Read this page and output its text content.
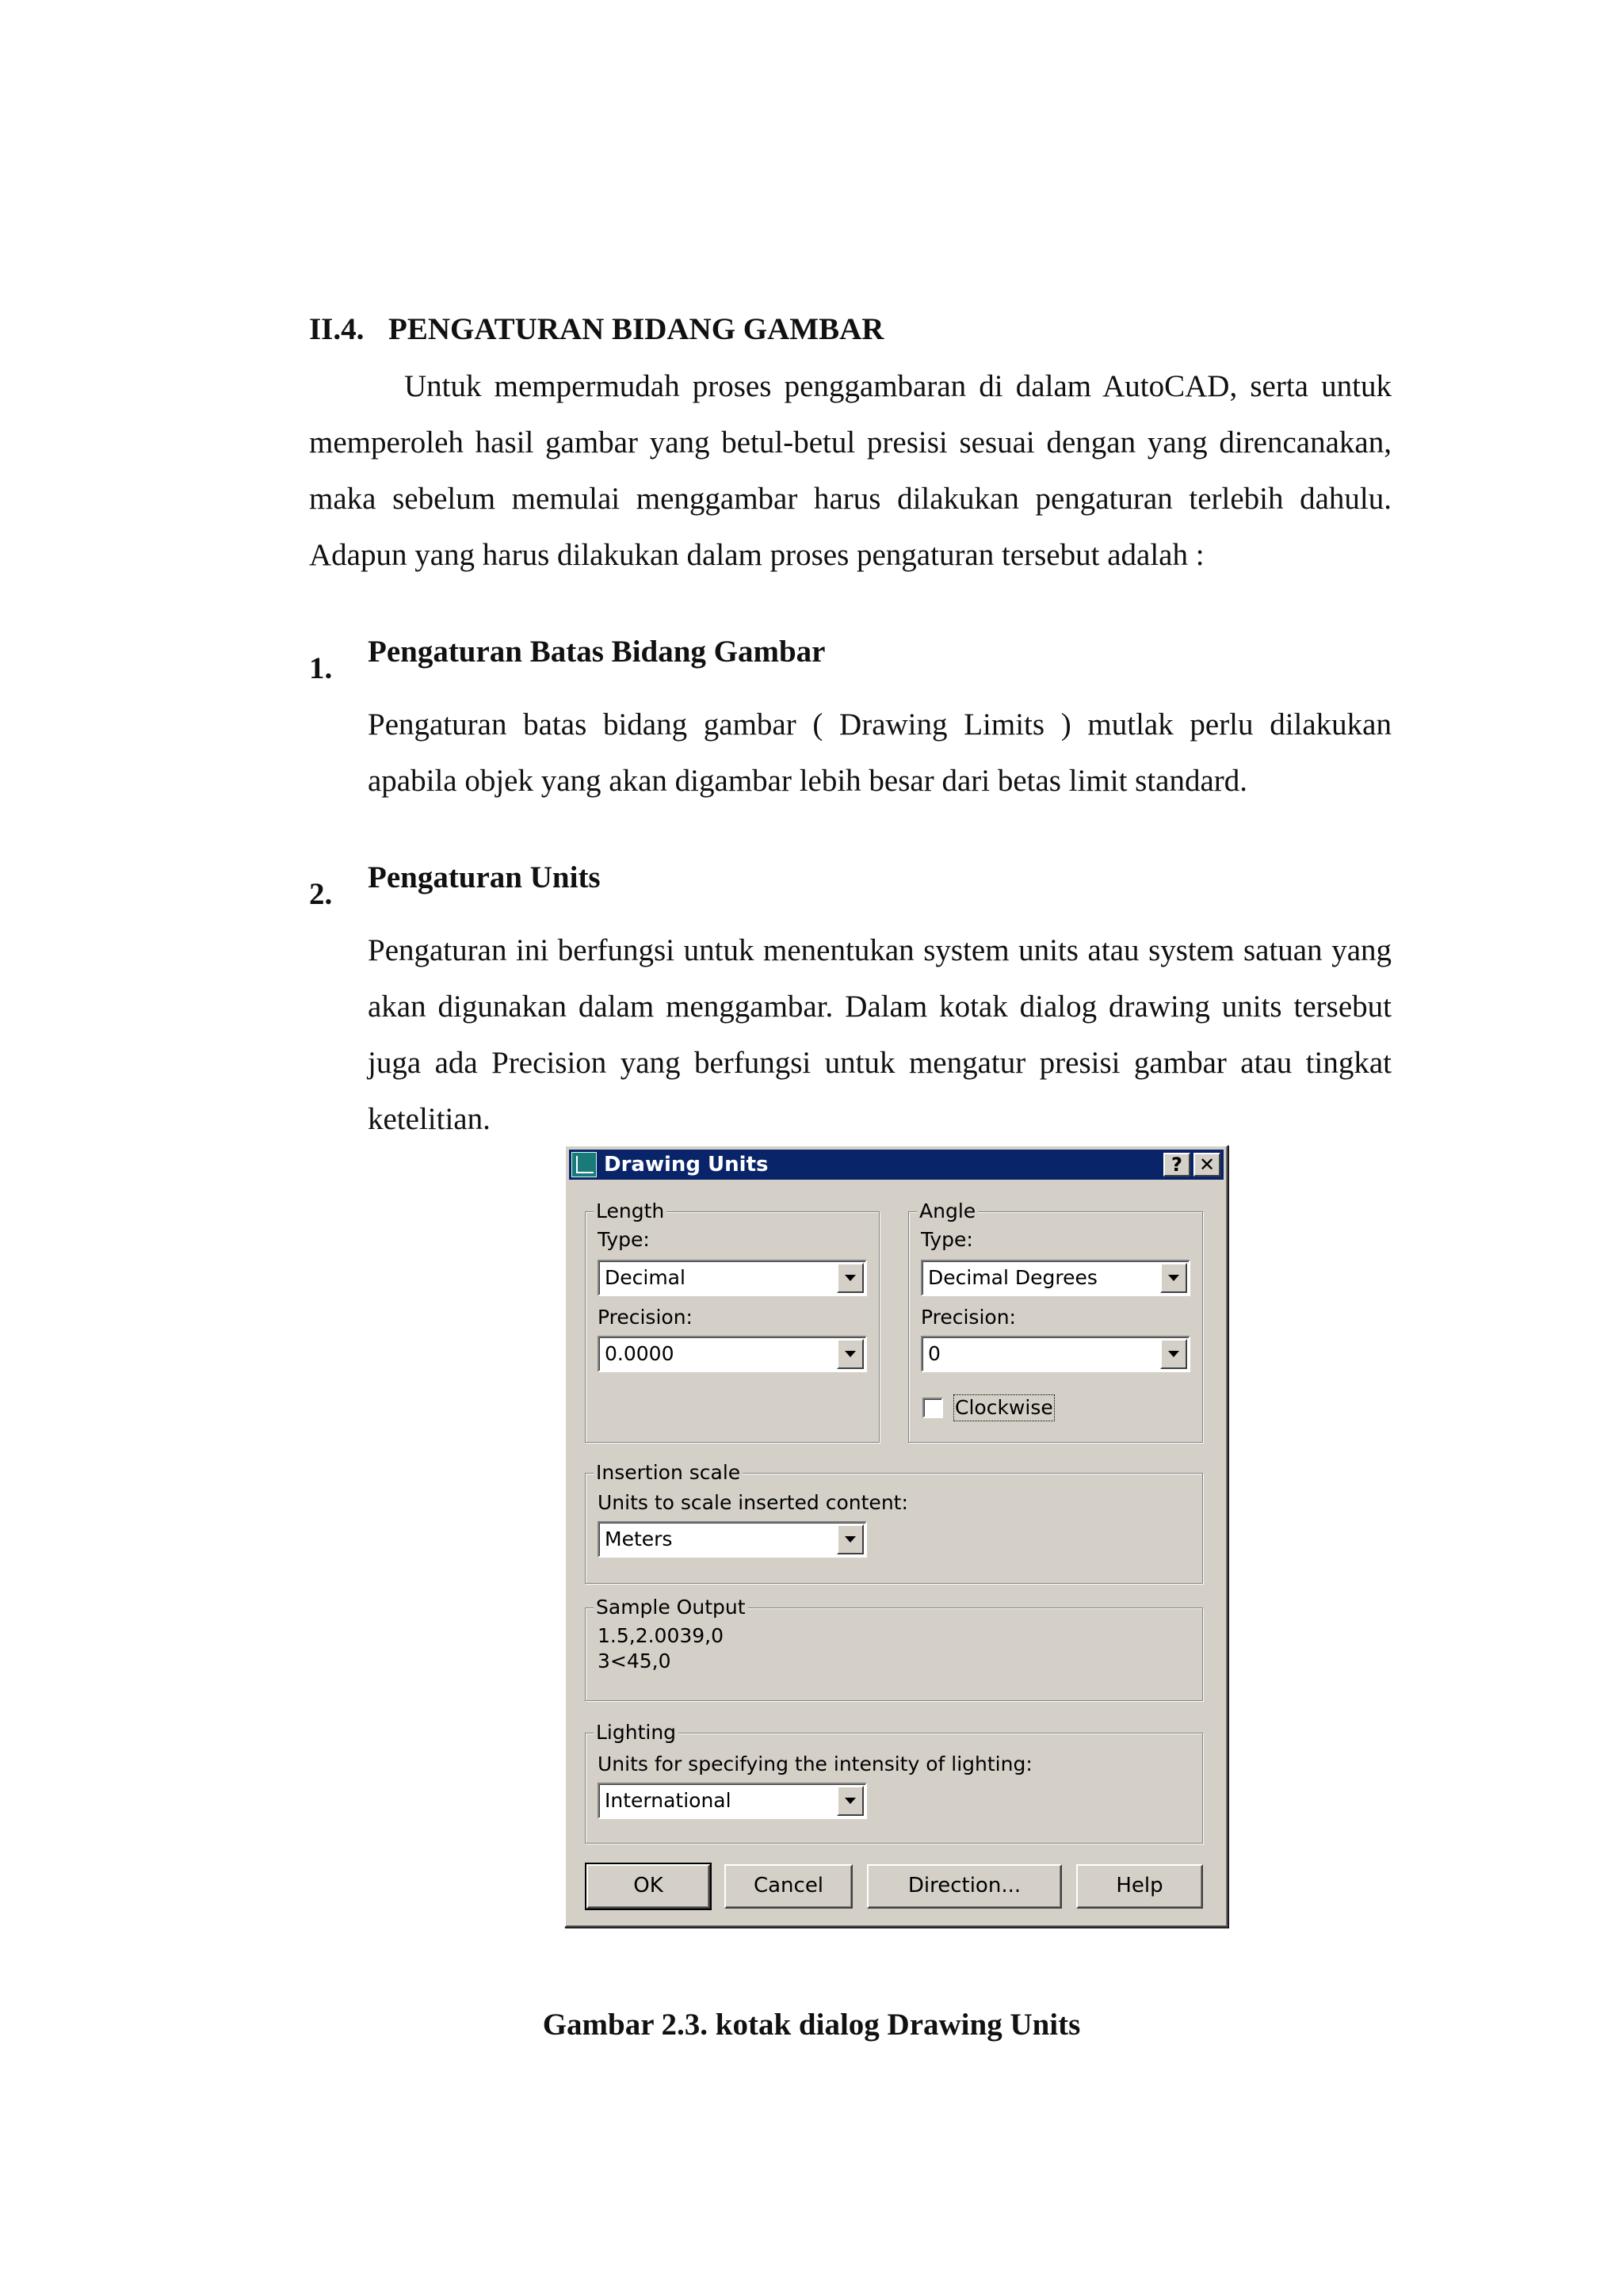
II.4. PENGATURAN BIDANG GAMBAR
Untuk mempermudah proses penggambaran di dalam AutoCAD, serta untuk memperoleh hasil gambar yang betul-betul presisi sesuai dengan yang direncanakan, maka sebelum memulai menggambar harus dilakukan pengaturan terlebih dahulu. Adapun yang harus dilakukan dalam proses pengaturan tersebut adalah :
1.	Pengaturan Batas Bidang Gambar
Pengaturan batas bidang gambar ( Drawing Limits ) mutlak perlu dilakukan apabila objek yang akan digambar lebih besar dari betas limit standard.
2.	Pengaturan Units
Pengaturan ini berfungsi untuk menentukan system units atau system satuan yang akan digunakan dalam menggambar. Dalam kotak dialog drawing units tersebut juga ada Precision yang berfungsi untuk mengatur presisi gambar atau tingkat ketelitian.
Drawing Units	? ✕
Length
Type:
Decimal
Precision:
0.0000
Angle
Type:
Decimal Degrees
Precision:
0
Clockwise
Insertion scale
Units to scale inserted content:
Meters
Sample Output
1.5,2.0039,0
3<45,0
Lighting
Units for specifying the intensity of lighting:
International
OK	Cancel	Direction...	Help
Gambar 2.3. kotak dialog Drawing Units
